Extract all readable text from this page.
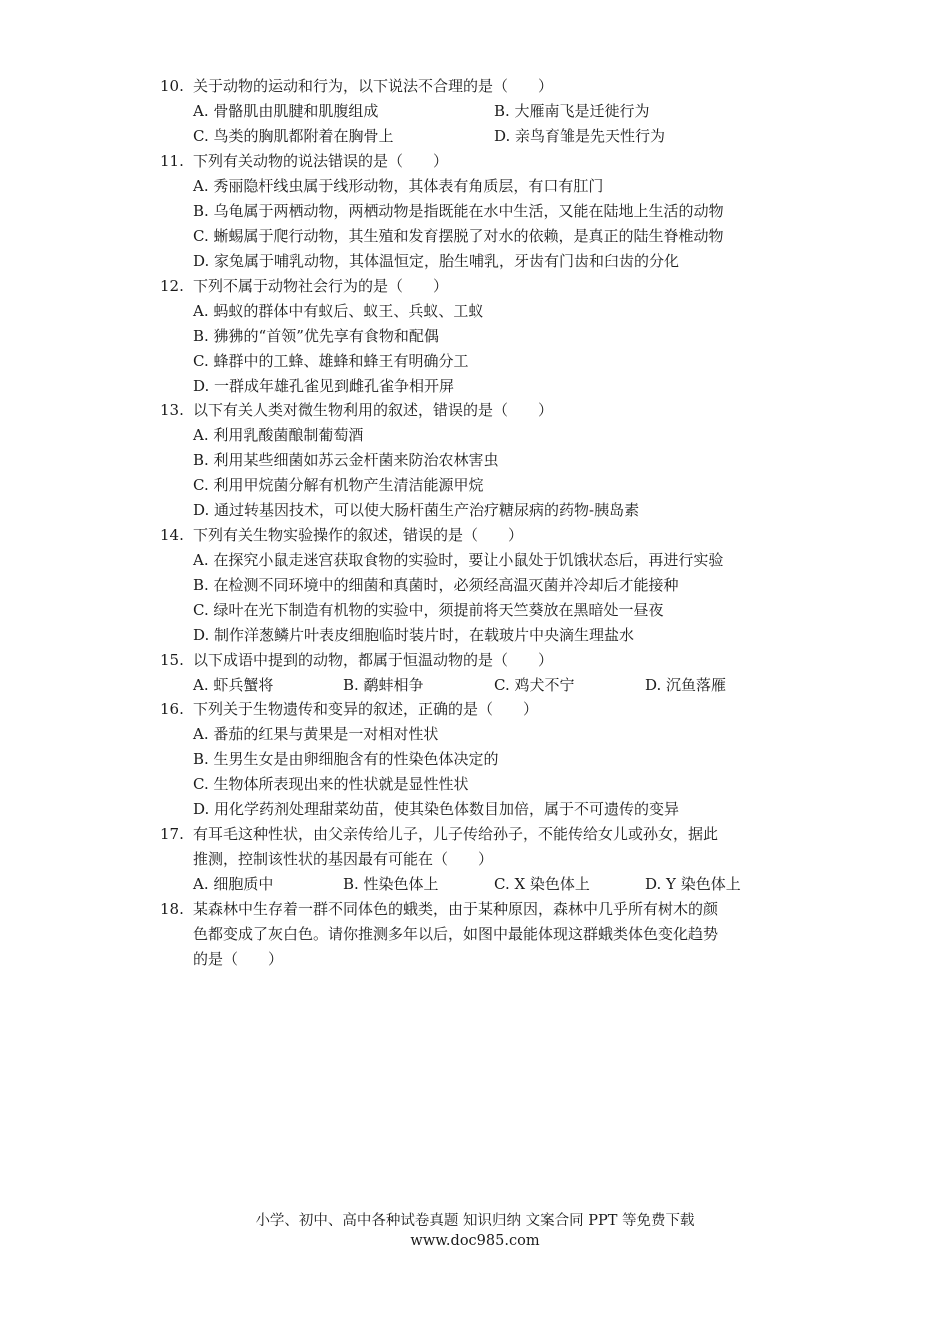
10. 关于动物的运动和行为，以下说法不合理的是（　　）
A. 骨骼肌由肌腱和肌腹组成	B. 大雁南飞是迁徙行为
C. 鸟类的胸肌都附着在胸骨上	D. 亲鸟育雏是先天性行为
11. 下列有关动物的说法错误的是（　　）
A. 秀丽隐杆线虫属于线形动物，其体表有角质层，有口有肛门
B. 乌龟属于两栖动物，两栖动物是指既能在水中生活，又能在陆地上生活的动物
C. 蜥蜴属于爬行动物，其生殖和发育摆脱了对水的依赖，是真正的陆生脊椎动物
D. 家兔属于哺乳动物，其体温恒定，胎生哺乳，牙齿有门齿和臼齿的分化
12. 下列不属于动物社会行为的是（　　）
A. 蚂蚁的群体中有蚁后、蚁王、兵蚁、工蚁
B. 狒狒的“首领”优先享有食物和配偶
C. 蜂群中的工蜂、雄蜂和蜂王有明确分工
D. 一群成年雄孔雀见到雌孔雀争相开屏
13. 以下有关人类对微生物利用的叙述，错误的是（　　）
A. 利用乳酸菌酿制葡萄酒
B. 利用某些细菌如苏云金杆菌来防治农林害虫
C. 利用甲烷菌分解有机物产生清洁能源甲烷
D. 通过转基因技术，可以使大肠杆菌生产治疗糖尿病的药物-胰岛素
14. 下列有关生物实验操作的叙述，错误的是（　　）
A. 在探究小鼠走迷宫获取食物的实验时，要让小鼠处于饥饿状态后，再进行实验
B. 在检测不同环境中的细菌和真菌时，必须经高温灭菌并冷却后才能接种
C. 绿叶在光下制造有机物的实验中，须提前将天竺葵放在黑暗处一昼夜
D. 制作洋葱鳞片叶表皮细胞临时装片时，在载玻片中央滴生理盐水
15. 以下成语中提到的动物，都属于恒温动物的是（　　）
A. 虾兵蟹将	B. 鹬蚌相争	C. 鸡犬不宁	D. 沉鱼落雁
16. 下列关于生物遗传和变异的叙述，正确的是（　　）
A. 番茄的红果与黄果是一对相对性状
B. 生男生女是由卵细胞含有的性染色体决定的
C. 生物体所表现出来的性状就是显性性状
D. 用化学药剂处理甜菜幼苗，使其染色体数目加倍，属于不可遗传的变异
17. 有耳毛这种性状，由父亲传给儿子，儿子传给孙子，不能传给女儿或孙女，据此
推测，控制该性状的基因最有可能在（　　）
A. 细胞质中	B. 性染色体上	C. X 染色体上	D. Y 染色体上
18. 某森林中生存着一群不同体色的蛾类，由于某种原因，森林中几乎所有树木的颜
色都变成了灰白色。请你推测多年以后，如图中最能体现这群蛾类体色变化趋势
的是（　　）
小学、初中、高中各种试卷真题 知识归纳 文案合同 PPT 等免费下载
www.doc985.com
